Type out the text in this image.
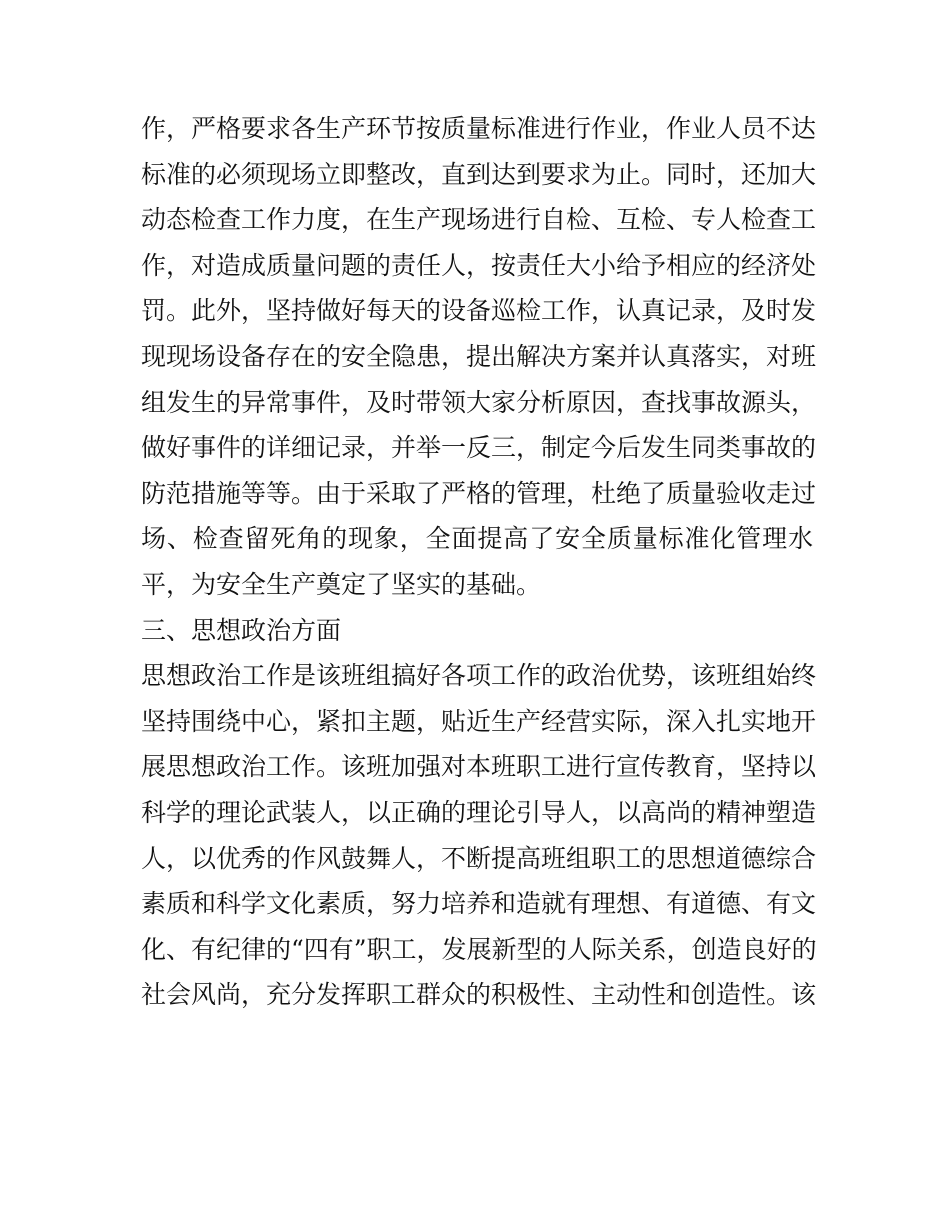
作，严格要求各生产环节按质量标准进行作业，作业人员不达
标准的必须现场立即整改，直到达到要求为止。同时，还加大
动态检查工作力度，在生产现场进行自检、互检、专人检查工
作，对造成质量问题的责任人，按责任大小给予相应的经济处
罚。此外，坚持做好每天的设备巡检工作，认真记录，及时发
现现场设备存在的安全隐患，提出解决方案并认真落实，对班
组发生的异常事件，及时带领大家分析原因，查找事故源头，
做好事件的详细记录，并举一反三，制定今后发生同类事故的
防范措施等等。由于采取了严格的管理，杜绝了质量验收走过
场、检查留死角的现象，全面提高了安全质量标准化管理水
平，为安全生产奠定了坚实的基础。
三、思想政治方面
思想政治工作是该班组搞好各项工作的政治优势，该班组始终
坚持围绕中心，紧扣主题，贴近生产经营实际，深入扎实地开
展思想政治工作。该班加强对本班职工进行宣传教育，坚持以
科学的理论武装人，以正确的理论引导人，以高尚的精神塑造
人，以优秀的作风鼓舞人，不断提高班组职工的思想道德综合
素质和科学文化素质，努力培养和造就有理想、有道德、有文
化、有纪律的“四有”职工，发展新型的人际关系，创造良好的
社会风尚，充分发挥职工群众的积极性、主动性和创造性。该
